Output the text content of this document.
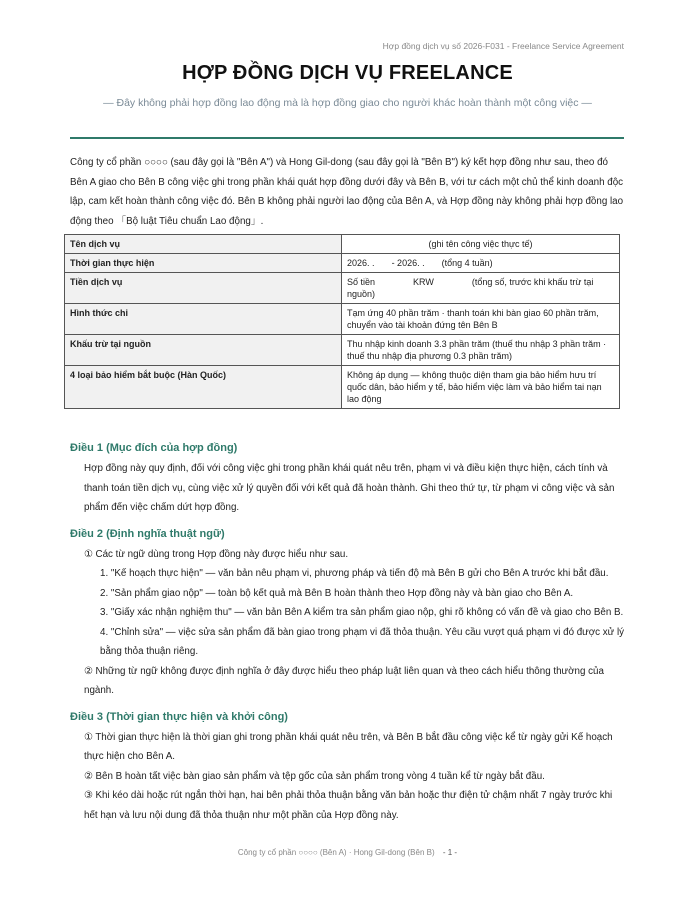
Hợp đồng dịch vụ số 2026-F031 - Freelance Service Agreement
HỢP ĐỒNG DỊCH VỤ FREELANCE
— Đây không phải hợp đồng lao động mà là hợp đồng giao cho người khác hoàn thành một công việc —

Công ty cổ phần ○○○○ (sau đây gọi là "Bên A") và Hong Gil-dong (sau đây gọi là "Bên B") ký kết hợp đồng như sau, theo đó Bên A giao cho Bên B công việc ghi trong phần khái quát hợp đồng dưới đây và Bên B, với tư cách một chủ thể kinh doanh độc lập, cam kết hoàn thành công việc đó. Bên B không phải người lao động của Bên A, và Hợp đồng này không phải hợp đồng lao động theo 「Bộ luật Tiêu chuẩn Lao động」.

Tên dịch vụ	(ghi tên công việc thực tế)
Thời gian thực hiện	2026. . - 2026. . (tổng 4 tuần)
Tiền dịch vụ	Số tiền KRW (tổng số, trước khi khấu trừ tại nguồn)
Hình thức chi	Tạm ứng 40 phần trăm · thanh toán khi bàn giao 60 phần trăm, chuyển vào tài khoản đứng tên Bên B
Khấu trừ tại nguồn	Thu nhập kinh doanh 3.3 phần trăm (thuế thu nhập 3 phần trăm · thuế thu nhập địa phương 0.3 phần trăm)
4 loại bảo hiểm bắt buộc (Hàn Quốc)	Không áp dụng — không thuộc diện tham gia bảo hiểm hưu trí quốc dân, bảo hiểm y tế, bảo hiểm việc làm và bảo hiểm tai nạn lao động
Điều 1 (Mục đích của hợp đồng)

Hợp đồng này quy định, đối với công việc ghi trong phần khái quát nêu trên, phạm vi và điều kiện thực hiện, cách tính và thanh toán tiền dịch vụ, cùng việc xử lý quyền đối với kết quả đã hoàn thành. Ghi theo thứ tự, từ phạm vi công việc và sản phẩm đến việc chấm dứt hợp đồng.

Điều 2 (Định nghĩa thuật ngữ)
① Các từ ngữ dùng trong Hợp đồng này được hiểu như sau.
1. "Kế hoạch thực hiện" — văn bản nêu phạm vi, phương pháp và tiến độ mà Bên B gửi cho Bên A trước khi bắt đầu.
2. "Sản phẩm giao nộp" — toàn bộ kết quả mà Bên B hoàn thành theo Hợp đồng này và bàn giao cho Bên A.
3. "Giấy xác nhận nghiệm thu" — văn bản Bên A kiểm tra sản phẩm giao nộp, ghi rõ không có vấn đề và giao cho Bên B.
4. "Chỉnh sửa" — việc sửa sản phẩm đã bàn giao trong phạm vi đã thỏa thuận. Yêu cầu vượt quá phạm vi đó được xử lý bằng thỏa thuận riêng.
② Những từ ngữ không được định nghĩa ở đây được hiểu theo pháp luật liên quan và theo cách hiểu thông thường của ngành.
Điều 3 (Thời gian thực hiện và khởi công)
① Thời gian thực hiện là thời gian ghi trong phần khái quát nêu trên, và Bên B bắt đầu công việc kể từ ngày gửi Kế hoạch thực hiện cho Bên A.
② Bên B hoàn tất việc bàn giao sản phẩm và tệp gốc của sản phẩm trong vòng 4 tuần kể từ ngày bắt đầu.
③ Khi kéo dài hoặc rút ngắn thời hạn, hai bên phải thỏa thuận bằng văn bản hoặc thư điện tử chậm nhất 7 ngày trước khi hết hạn và lưu nội dung đã thỏa thuận như một phần của Hợp đồng này.
Công ty cổ phần ○○○○ (Bên A) · Hong Gil-dong (Bên B) - 1 -
